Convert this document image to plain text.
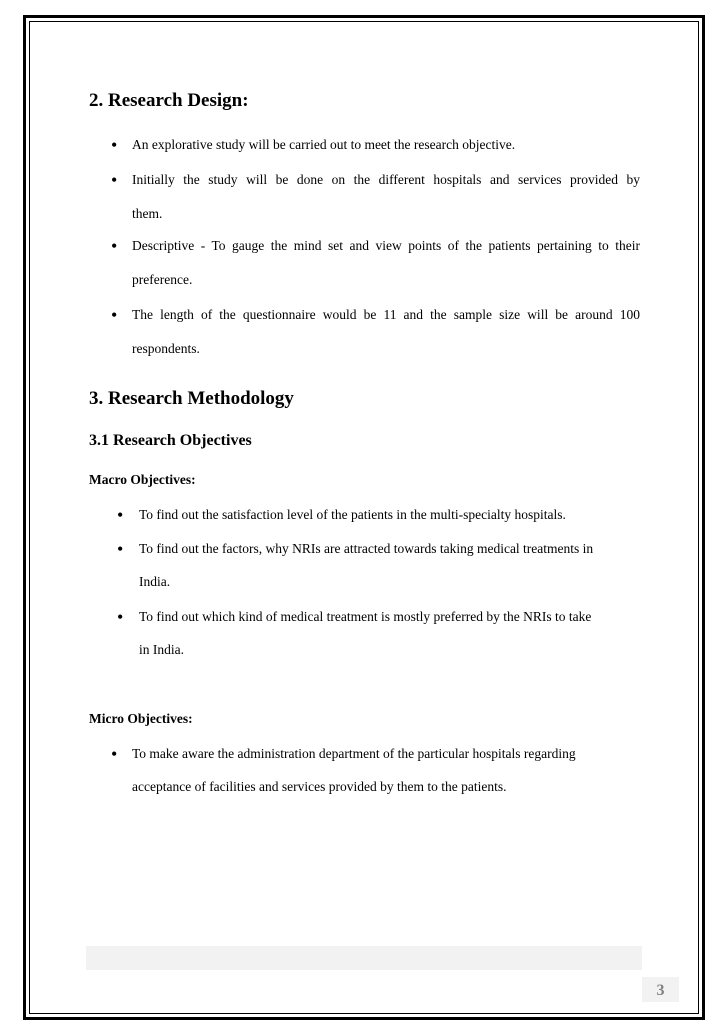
2. Research Design:
• An explorative study will be carried out to meet the research objective.
• Initially the study will be done on the different hospitals and services provided by
them.
• Descriptive - To gauge the mind set and view points of the patients pertaining to their
preference.
• The length of the questionnaire would be 11 and the sample size will be around 100
respondents.
3. Research Methodology
3.1 Research Objectives
Macro Objectives:
• To find out the satisfaction level of the patients in the multi-specialty hospitals.
• To find out the factors, why NRIs are attracted towards taking medical treatments in
India.
• To find out which kind of medical treatment is mostly preferred by the NRIs to take
in India.
Micro Objectives:
• To make aware the administration department of the particular hospitals regarding
acceptance of facilities and services provided by them to the patients.
3
